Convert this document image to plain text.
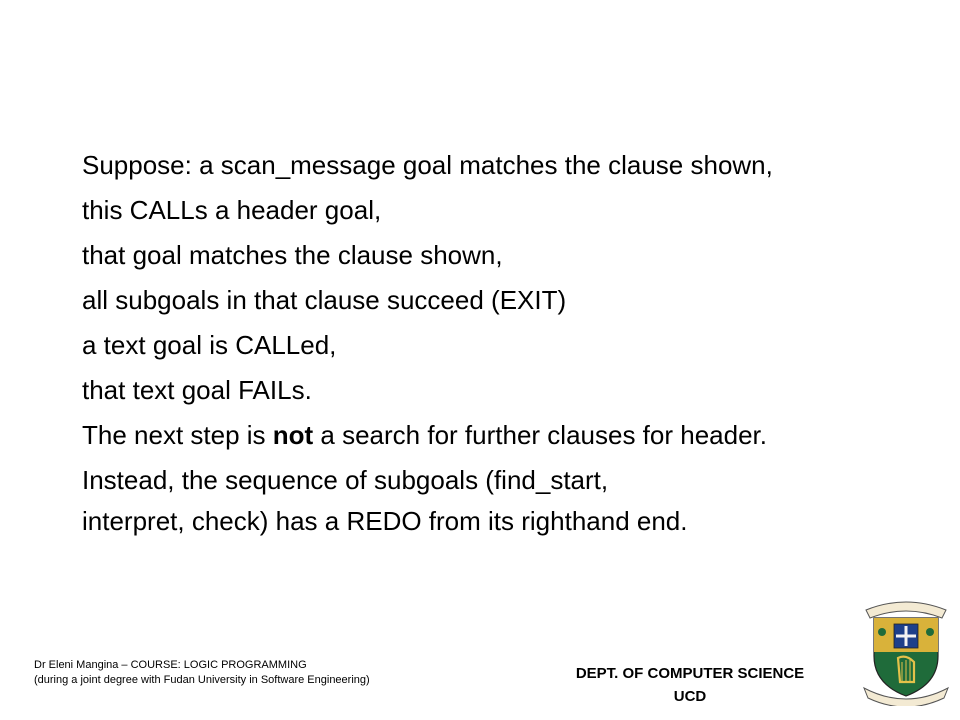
Suppose: a scan_message goal matches the clause shown,

this CALLs a header goal,

that goal matches the clause shown,

all subgoals in that clause succeed (EXIT)

a text goal is CALLed,

that text goal FAILs.

The next step is not a search for further clauses for header.

Instead, the sequence of subgoals (find_start,

interpret, check) has a REDO from its righthand end.

Dr Eleni Mangina – COURSE: LOGIC PROGRAMMING
(during a joint degree with Fudan University in Software Engineering)	DEPT. OF COMPUTER SCIENCE
UCD
